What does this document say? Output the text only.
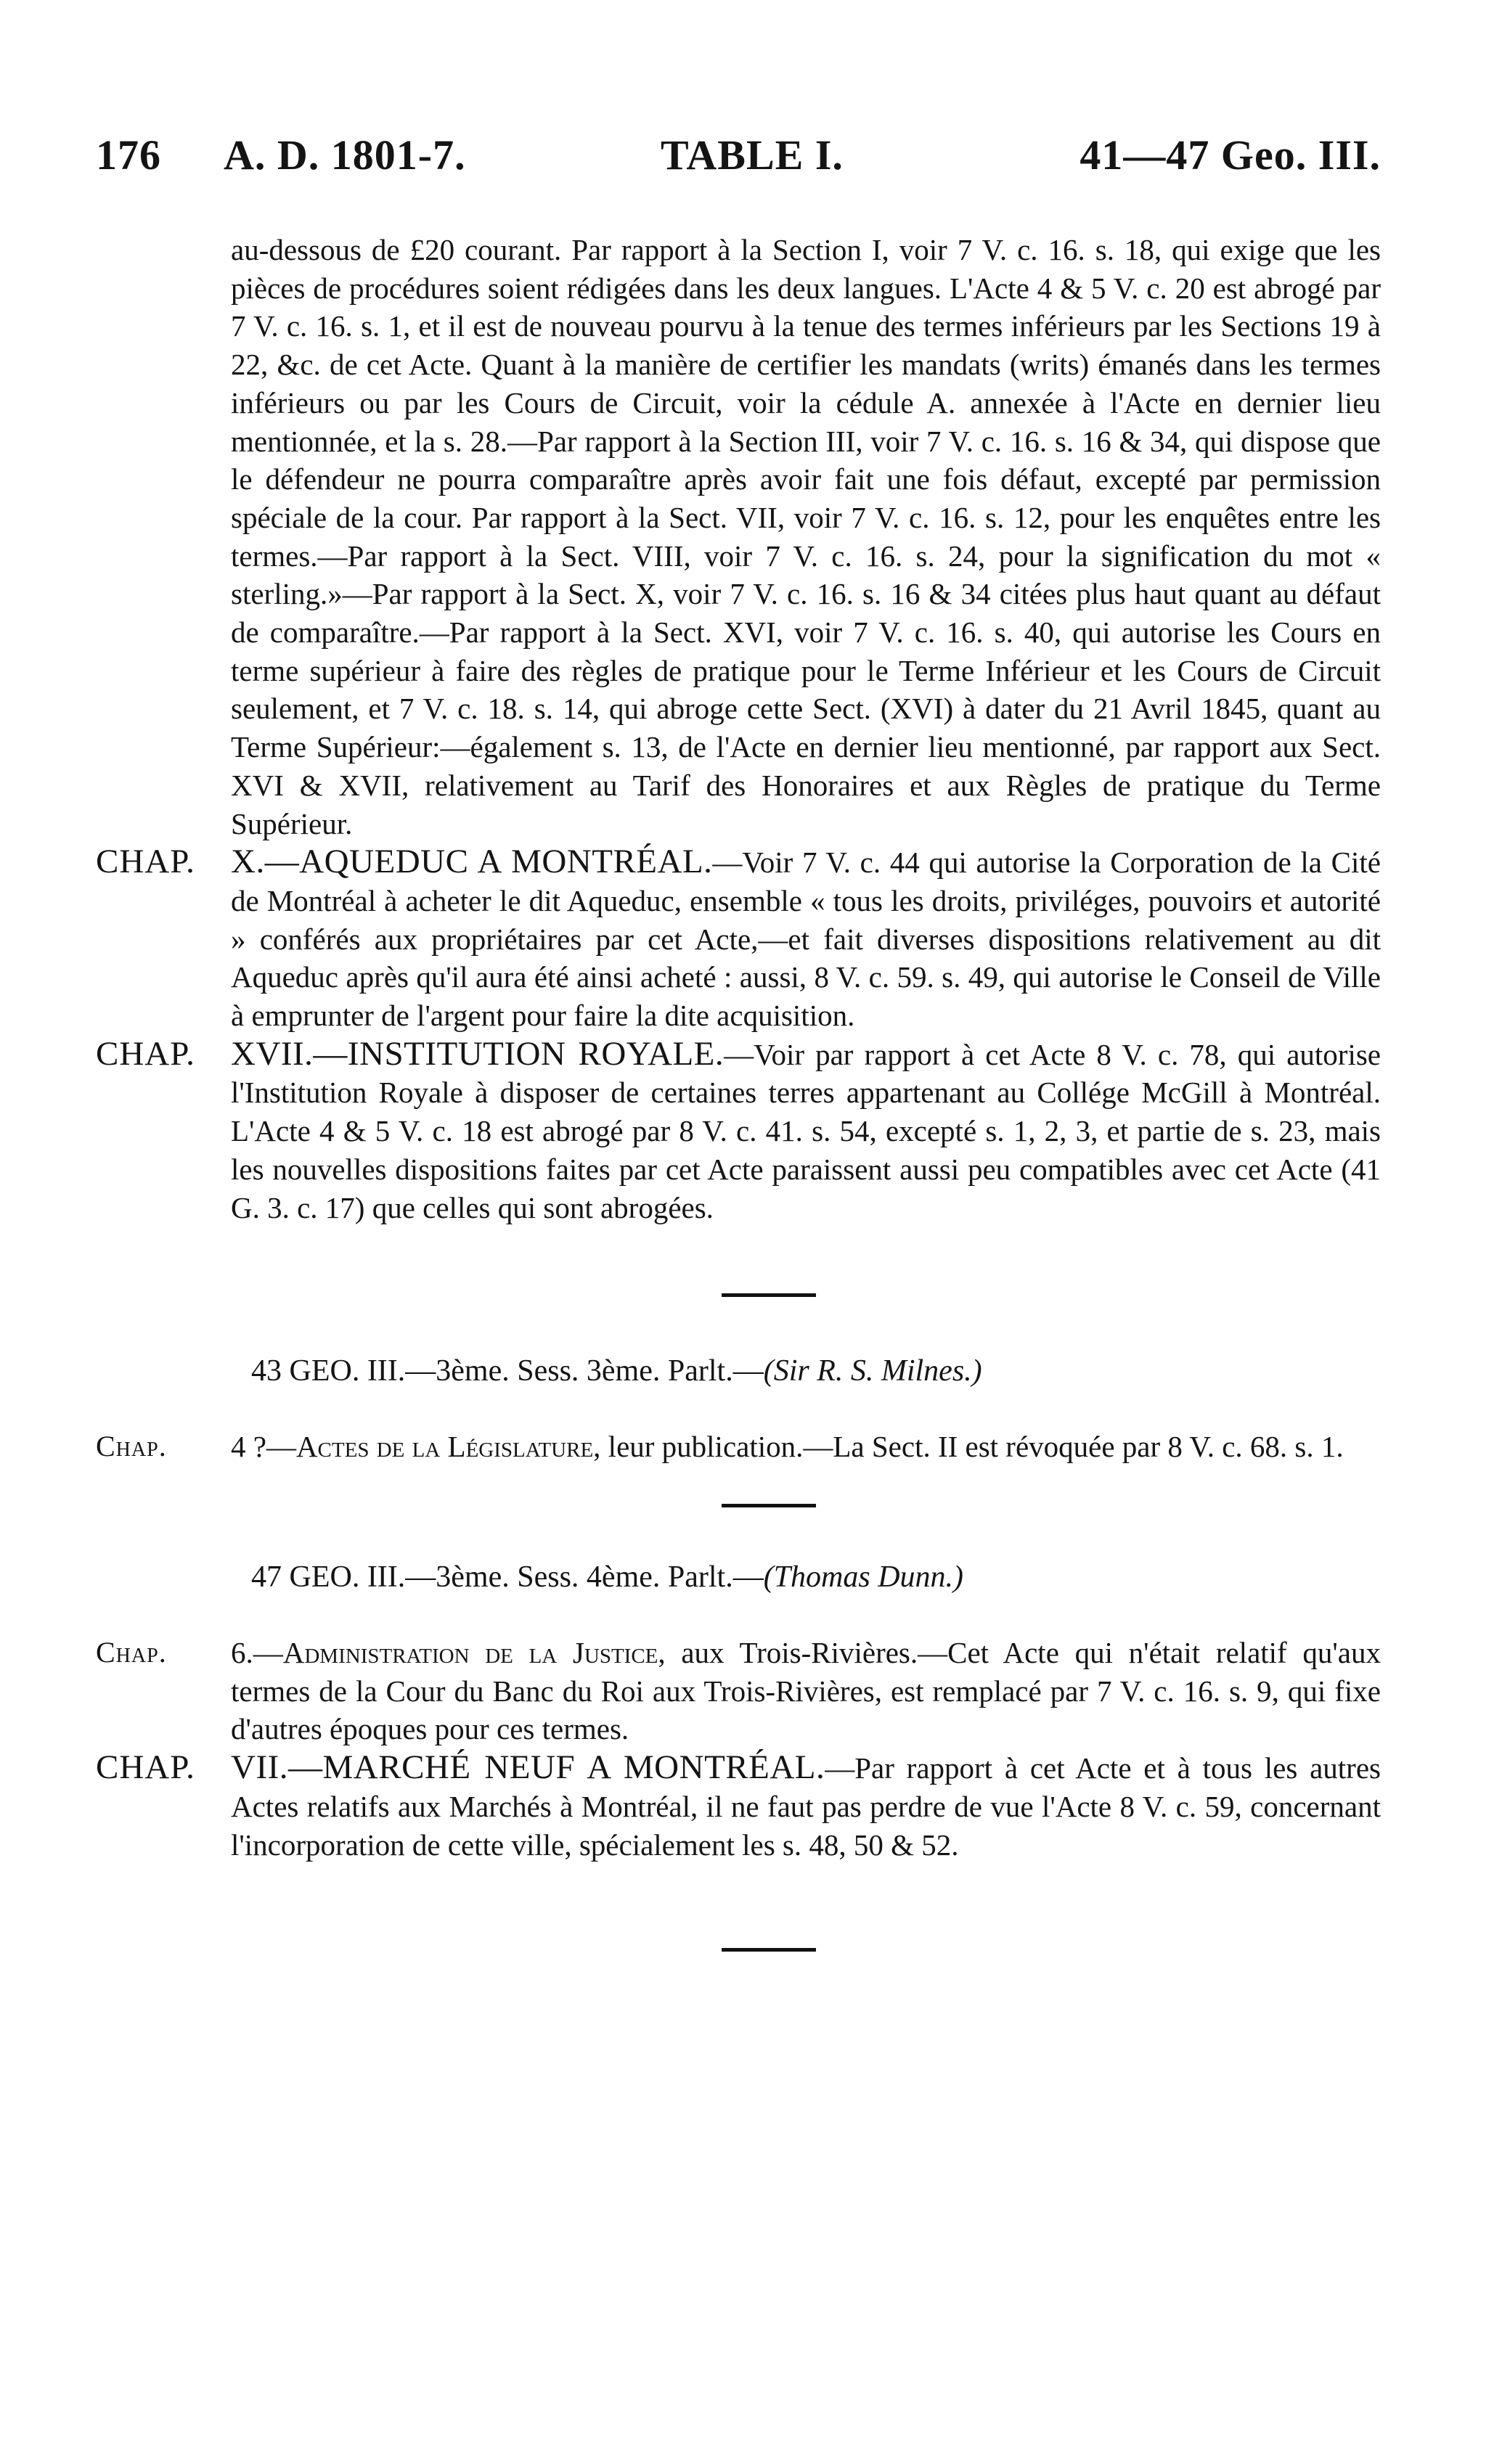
176 A. D. 1801-7.	TABLE I.	41—47 Geo. III.

au-dessous de £20 courant. Par rapport à la Section I, voir 7 V. c. 16. s. 18, qui exige que les pièces de procédures soient rédigées dans les deux langues. L'Acte 4 & 5 V. c. 20 est abrogé par 7 V. c. 16. s. 1, et il est de nouveau pourvu à la tenue des termes inférieurs par les Sections 19 à 22, &c. de cet Acte. Quant à la manière de certifier les mandats (writs) émanés dans les termes inférieurs ou par les Cours de Circuit, voir la cédule A. annexée à l'Acte en dernier lieu mentionnée, et la s. 28.—Par rapport à la Section III, voir 7 V. c. 16. s. 16 & 34, qui dispose que le défendeur ne pourra comparaître après avoir fait une fois défaut, excepté par permission spéciale de la cour. Par rapport à la Sect. VII, voir 7 V. c. 16. s. 12, pour les enquêtes entre les termes.—Par rapport à la Sect. VIII, voir 7 V. c. 16. s. 24, pour la signification du mot « sterling.»—Par rapport à la Sect. X, voir 7 V. c. 16. s. 16 & 34 citées plus haut quant au défaut de comparaître.—Par rapport à la Sect. XVI, voir 7 V. c. 16. s. 40, qui autorise les Cours en terme supérieur à faire des règles de pratique pour le Terme Inférieur et les Cours de Circuit seulement, et 7 V. c. 18. s. 14, qui abroge cette Sect. (XVI) à dater du 21 Avril 1845, quant au Terme Supérieur:—également s. 13, de l'Acte en dernier lieu mentionné, par rapport aux Sect. XVI & XVII, relativement au Tarif des Honoraires et aux Règles de pratique du Terme Supérieur.

CHAP. X.—AQUEDUC A MONTRÉAL.—Voir 7 V. c. 44 qui autorise la Corporation de la Cité de Montréal à acheter le dit Aqueduc, ensemble « tous les droits, priviléges, pouvoirs et autorité » conférés aux propriétaires par cet Acte,—et fait diverses dispositions relativement au dit Aqueduc après qu'il aura été ainsi acheté : aussi, 8 V. c. 59. s. 49, qui autorise le Conseil de Ville à emprunter de l'argent pour faire la dite acquisition.
CHAP. XVII.—INSTITUTION ROYALE.—Voir par rapport à cet Acte 8 V. c. 78, qui autorise l'Institution Royale à disposer de certaines terres appartenant au Collége McGill à Montréal. L'Acte 4 & 5 V. c. 18 est abrogé par 8 V. c. 41. s. 54, excepté s. 1, 2, 3, et partie de s. 23, mais les nouvelles dispositions faites par cet Acte paraissent aussi peu compatibles avec cet Acte (41 G. 3. c. 17) que celles qui sont abrogées.
43 GEO. III.—3ème. Sess. 3ème. Parlt.—(Sir R. S. Milnes.)
Chap. 4 ?—Actes de la Législature, leur publication.—La Sect. II est révoquée par 8 V. c. 68. s. 1.
47 GEO. III.—3ème. Sess. 4ème. Parlt.—(Thomas Dunn.)
Chap. 6.—Administration de la Justice, aux Trois-Rivières.—Cet Acte qui n'était relatif qu'aux termes de la Cour du Banc du Roi aux Trois-Rivières, est remplacé par 7 V. c. 16. s. 9, qui fixe d'autres époques pour ces termes.
CHAP. VII.—MARCHÉ NEUF A MONTRÉAL.—Par rapport à cet Acte et à tous les autres Actes relatifs aux Marchés à Montréal, il ne faut pas perdre de vue l'Acte 8 V. c. 59, concernant l'incorporation de cette ville, spécialement les s. 48, 50 & 52.
